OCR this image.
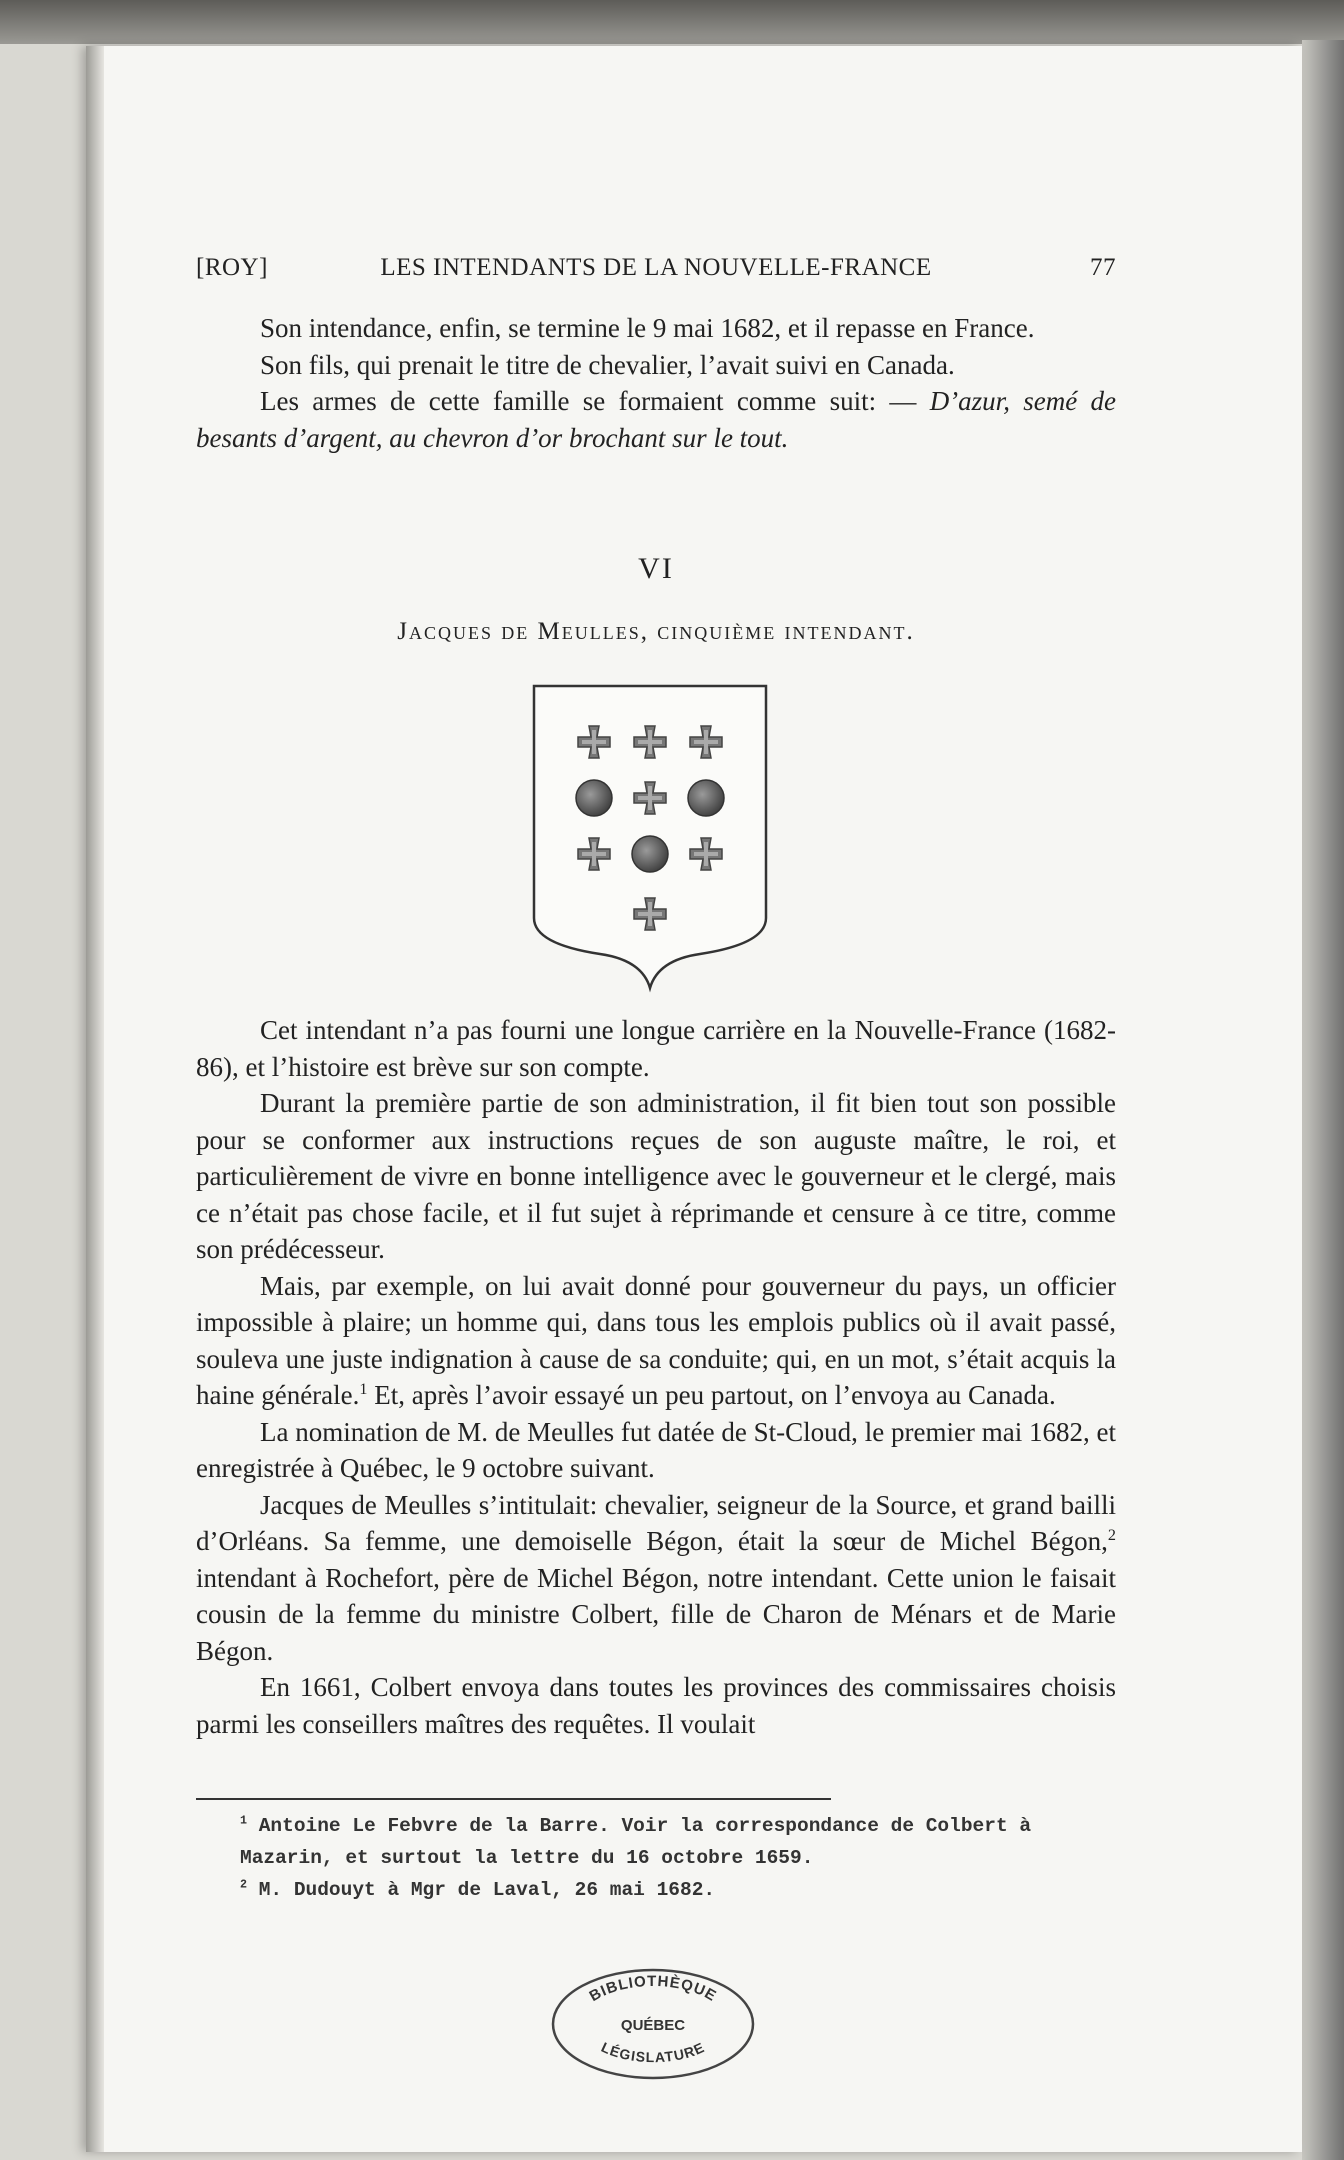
[ROY]	LES INTENDANTS DE LA NOUVELLE-FRANCE	77

Son intendance, enfin, se termine le 9 mai 1682, et il repasse en France.

Son fils, qui prenait le titre de chevalier, l’avait suivi en Canada.

Les armes de cette famille se formaient comme suit: — D’azur, semé de besants d’argent, au chevron d’or brochant sur le tout.

VI
Jacques de Meulles, cinquième intendant.

Cet intendant n’a pas fourni une longue carrière en la Nouvelle-France (1682-86), et l’histoire est brève sur son compte.

Durant la première partie de son administration, il fit bien tout son possible pour se conformer aux instructions reçues de son auguste maître, le roi, et particulièrement de vivre en bonne intelligence avec le gouverneur et le clergé, mais ce n’était pas chose facile, et il fut sujet à réprimande et censure à ce titre, comme son prédécesseur.

Mais, par exemple, on lui avait donné pour gouverneur du pays, un officier impossible à plaire; un homme qui, dans tous les emplois publics où il avait passé, souleva une juste indignation à cause de sa conduite; qui, en un mot, s’était acquis la haine générale.$^1$ Et, après l’avoir essayé un peu partout, on l’envoya au Canada.

La nomination de M. de Meulles fut datée de St-Cloud, le premier mai 1682, et enregistrée à Québec, le 9 octobre suivant.

Jacques de Meulles s’intitulait: chevalier, seigneur de la Source, et grand bailli d’Orléans. Sa femme, une demoiselle Bégon, était la sœur de Michel Bégon,$^2$ intendant à Rochefort, père de Michel Bégon, notre intendant. Cette union le faisait cousin de la femme du ministre Colbert, fille de Charon de Ménars et de Marie Bégon.

En 1661, Colbert envoya dans toutes les provinces des commissaires choisis parmi les conseillers maîtres des requêtes. Il voulait

$^1$ Antoine Le Febvre de la Barre. Voir la correspondance de Colbert à Mazarin, et surtout la lettre du 16 octobre 1659.

$^2$ M. Dudouyt à Mgr de Laval, 26 mai 1682.

BIBLIOTHÈQUE
QUÉBEC
LÉGISLATURE
